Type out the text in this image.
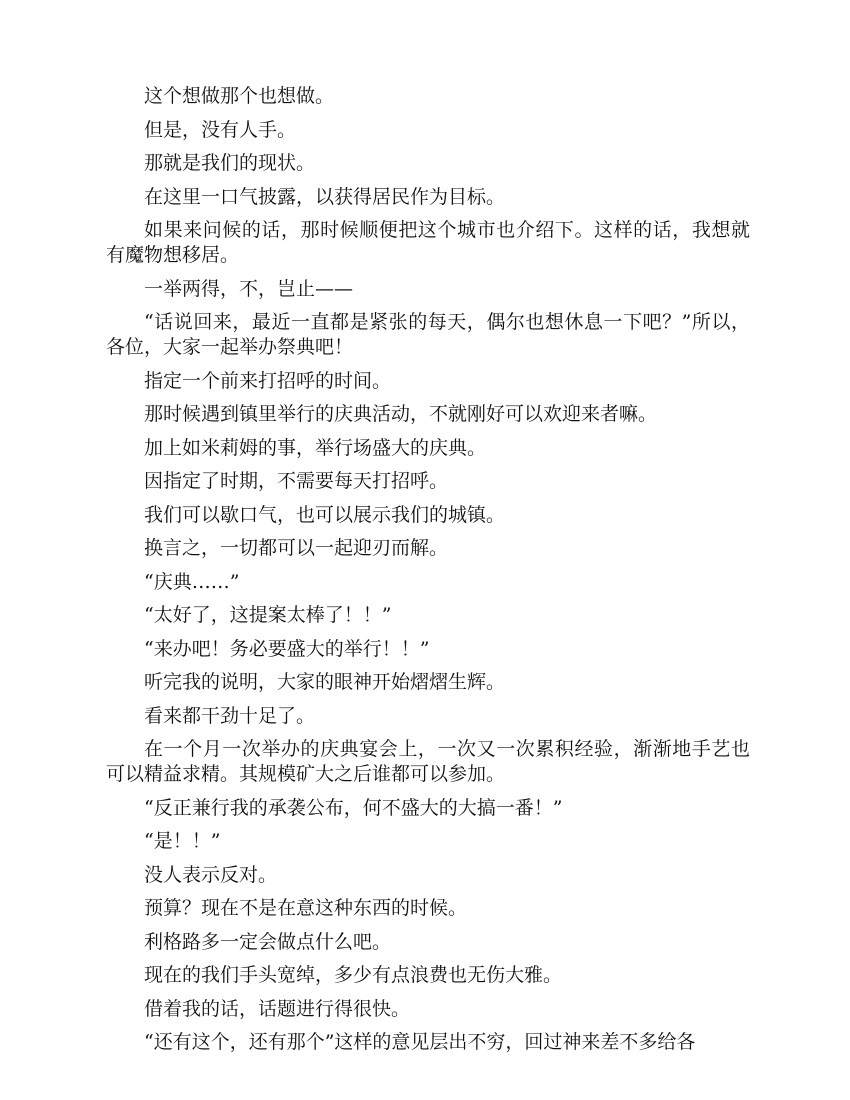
这个想做那个也想做。

但是，没有人手。

那就是我们的现状。

在这里一口气披露，以获得居民作为目标。

如果来问候的话，那时候顺便把这个城市也介绍下。这样的话，我想就有魔物想移居。

一举两得，不，岂止——

“话说回来，最近一直都是紧张的每天，偶尔也想休息一下吧？”所以，各位，大家一起举办祭典吧！

指定一个前来打招呼的时间。

那时候遇到镇里举行的庆典活动，不就刚好可以欢迎来者嘛。

加上如米莉姆的事，举行场盛大的庆典。

因指定了时期，不需要每天打招呼。

我们可以歇口气，也可以展示我们的城镇。

换言之，一切都可以一起迎刃而解。

“庆典……”

“太好了，这提案太棒了！！”

“来办吧！务必要盛大的举行！！”

听完我的说明，大家的眼神开始熠熠生辉。

看来都干劲十足了。

在一个月一次举办的庆典宴会上，一次又一次累积经验，渐渐地手艺也可以精益求精。其规模矿大之后谁都可以参加。

“反正兼行我的承袭公布，何不盛大的大搞一番！”

“是！！”

没人表示反对。

预算？现在不是在意这种东西的时候。

利格路多一定会做点什么吧。

现在的我们手头宽绰，多少有点浪费也无伤大雅。

借着我的话，话题进行得很快。

“还有这个，还有那个”这样的意见层出不穷，回过神来差不多给各
